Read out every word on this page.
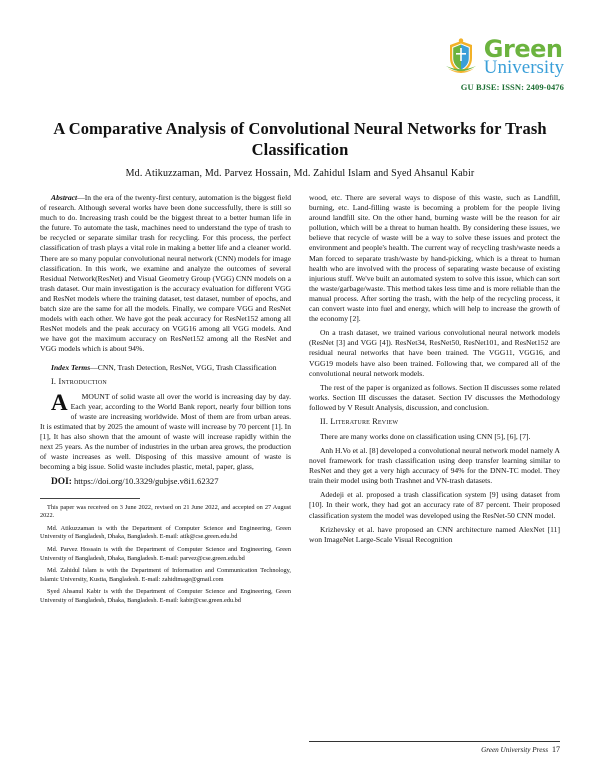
Green
University
GU BJSE: ISSN: 2409-0476
A Comparative Analysis of Convolutional Neural Networks for Trash Classification
Md. Atikuzzaman, Md. Parvez Hossain, Md. Zahidul Islam and Syed Ahsanul Kabir

Abstract—In the era of the twenty-first century, automation is the biggest field of research. Although several works have been done successfully, there is still so much to do. Increasing trash could be the biggest threat to a better human life in the future. To automate the task, machines need to understand the type of trash to be recycled or separate similar trash for recycling. For this process, the perfect classification of trash plays a vital role in making a better life and a cleaner world. There are so many popular convolutional neural network (CNN) models for image classification. In this work, we examine and analyze the outcomes of several Residual Network(ResNet) and Visual Geometry Group (VGG) CNN models on a trash dataset. Our main investigation is the accuracy evaluation for different VGG and ResNet models where the training dataset, test dataset, number of epochs, and batch size are the same for all the models. Finally, we compare VGG and ResNet models with each other. We have got the peak accuracy for ResNet152 among all ResNet models and the peak accuracy on VGG16 among all VGG models. And we have got the maximum accuracy on ResNet152 among all the ResNet and VGG models which is about 94%.

Index Terms—CNN, Trash Detection, ResNet, VGG, Trash Classification

I. Introduction

A	MOUNT of solid waste all over the world is increasing day by day. Each year, according to the World Bank report, nearly four billion tons of waste are increasing worldwide. Most of them are from urban areas. It is estimated that by 2025 the amount of waste will increase by 70 percent [1]. In [1], It has also shown that the amount of waste will increase rapidly within the next 25 years. As the number of industries in the urban area grows, the production of waste increases as well. Disposing of this massive amount of waste is becoming a big issue. Solid waste includes plastic, metal, paper, glass,

DOI: https://doi.org/10.3329/gubjse.v8i1.62327

This paper was received on 3 June 2022, revised on 21 June 2022, and accepted on 27 August 2022.

Md. Atikuzzaman is with the Department of Computer Science and Engineering, Green University of Bangladesh, Dhaka, Bangladesh. E-mail: atik@cse.green.edu.bd

Md. Parvez Hossain is with the Department of Computer Science and Engineering, Green University of Bangladesh, Dhaka, Bangladesh. E-mail: parvez@cse.green.edu.bd

Md. Zahidul Islam is with the Department of Information and Communication Technology, Islamic University, Kustia, Bangladesh. E-mail: zahidimage@gmail.com

Syed Ahsanul Kabir is with the Department of Computer Science and Engineering, Green University of Bangladesh, Dhaka, Bangladesh. E-mail: kabir@cse.green.edu.bd

wood, etc. There are several ways to dispose of this waste, such as Landfill, burning, etc. Land-filling waste is becoming a problem for the people living around landfill site. On the other hand, burning waste will be the reason for air pollution, which will be a threat to human health. By considering these issues, we believe that recycle of waste will be a way to solve these issues and protect the environment and people's health. The current way of recycling trash/waste needs a Man forced to separate trash/waste by hand-picking, which is a threat to human health who are involved with the process of separating waste because of existing injurious stuff. We've built an automated system to solve this issue, which can sort the waste/garbage/waste. This method takes less time and is more reliable than the manual process. After sorting the trash, with the help of the recycling process, it can convert waste into fuel and energy, which will help to increase the growth of the economy [2].

On a trash dataset, we trained various convolutional neural network models (ResNet [3] and VGG [4]). ResNet34, ResNet50, ResNet101, and ResNet152 are residual neural networks that have been trained. The VGG11, VGG16, and VGG19 models have also been trained. Following that, we compared all of the convolutional neural network models.

The rest of the paper is organized as follows. Section II discusses some related works. Section III discusses the dataset. Section IV discusses the Methodology followed by V Result Analysis, discussion, and conclusion.

II. Literature Review

There are many works done on classification using CNN [5], [6], [7].

Anh H.Vo et al. [8] developed a convolutional neural network model namely A novel framework for trash classification using deep transfer learning similar to ResNet and they get a very high accuracy of 94% for the DNN-TC model. They train their model using both Trashnet and VN-trash datasets.

Adedeji et al. proposed a trash classification system [9] using dataset from [10]. In their work, they had got an accuracy rate of 87 percent. Their proposed classification system the model was developed using the ResNet-50 CNN model.

Krizhevsky et al. have proposed an CNN architecture named AlexNet [11] won ImageNet Large-Scale Visual Recognition

Green University Press 17
